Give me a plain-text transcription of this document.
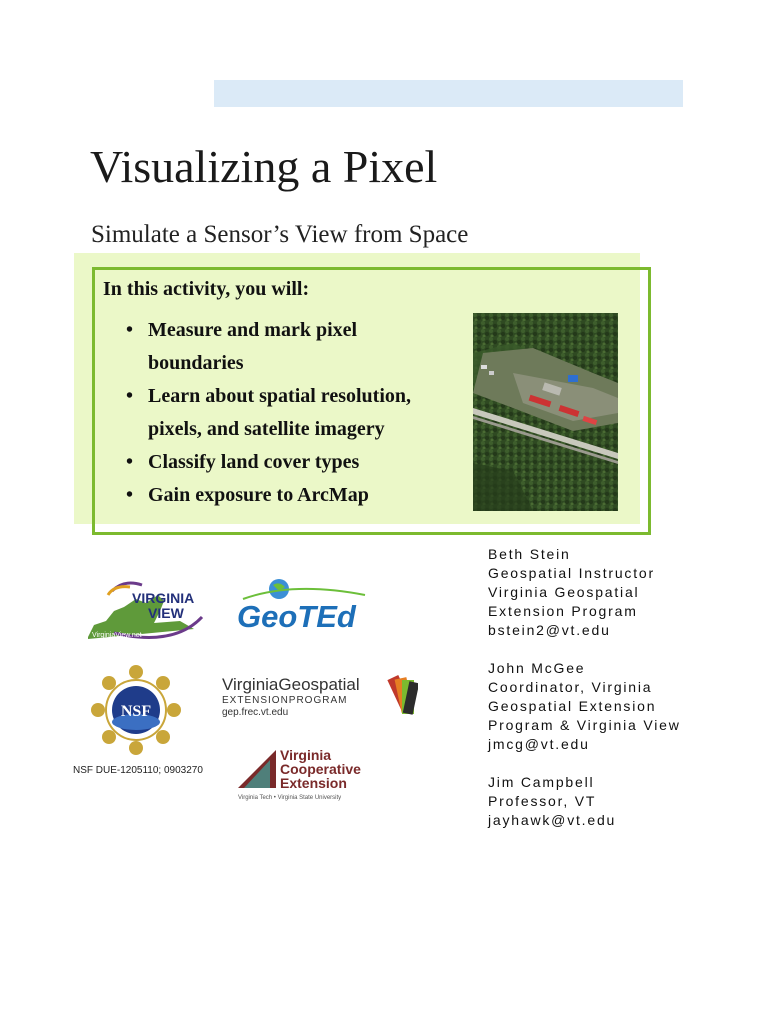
Visualizing a Pixel
Simulate a Sensor’s View from Space
In this activity, you will:
• Measure and mark pixel boundaries
• Learn about spatial resolution, pixels, and satellite imagery
• Classify land cover types
• Gain exposure to ArcMap
VIRGINIA
VIEW
VirginiaView.net
GeoTEd
NSF
NSF DUE-1205110; 0903270
VirginiaGeospatial
EXTENSIONPROGRAM
gep.frec.vt.edu
Virginia
Cooperative
Extension
Virginia Tech • Virginia State University
Beth Stein
Geospatial Instructor
Virginia Geospatial
Extension Program
bstein2@vt.edu
John McGee
Coordinator, Virginia
Geospatial Extension
Program & Virginia View
jmcg@vt.edu
Jim Campbell
Professor, VT
jayhawk@vt.edu
